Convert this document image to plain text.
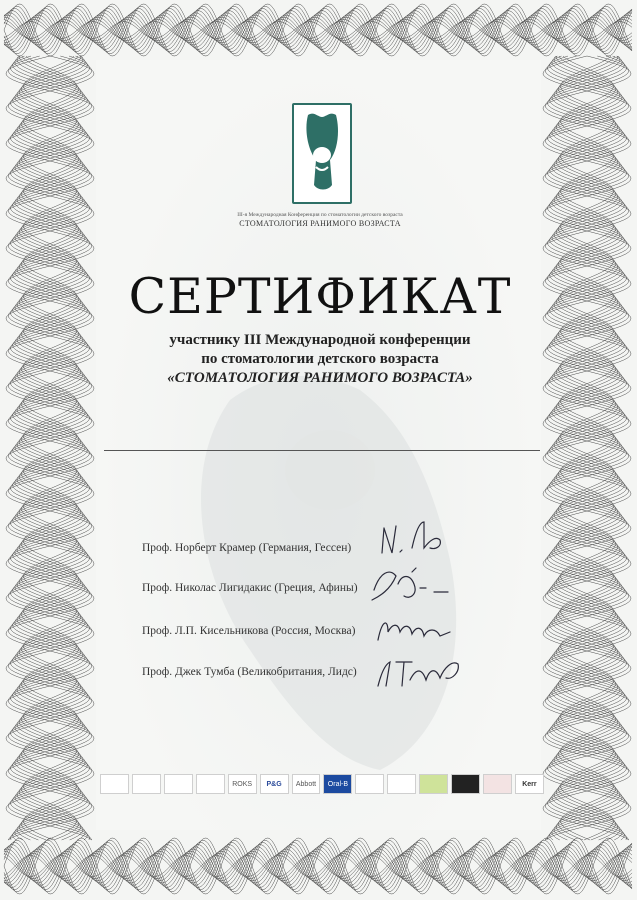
III-я Международная Конференция по стоматологии детского возраста
СТОМАТОЛОГИЯ РАНИМОГО ВОЗРАСТА
СЕРТИФИКАТ
участнику III Международной конференции
по стоматологии детского возраста
«СТОМАТОЛОГИЯ РАНИМОГО ВОЗРАСТА»
Проф. Норберт Крамер (Германия, Гессен)
Проф. Николас Лигидакис (Греция, Афины)
Проф. Л.П. Кисельникова (Россия, Москва)
Проф. Джек Тумба (Великобритания, Лидс)
ROKS P&G Abbott Oral-B	Kerr
